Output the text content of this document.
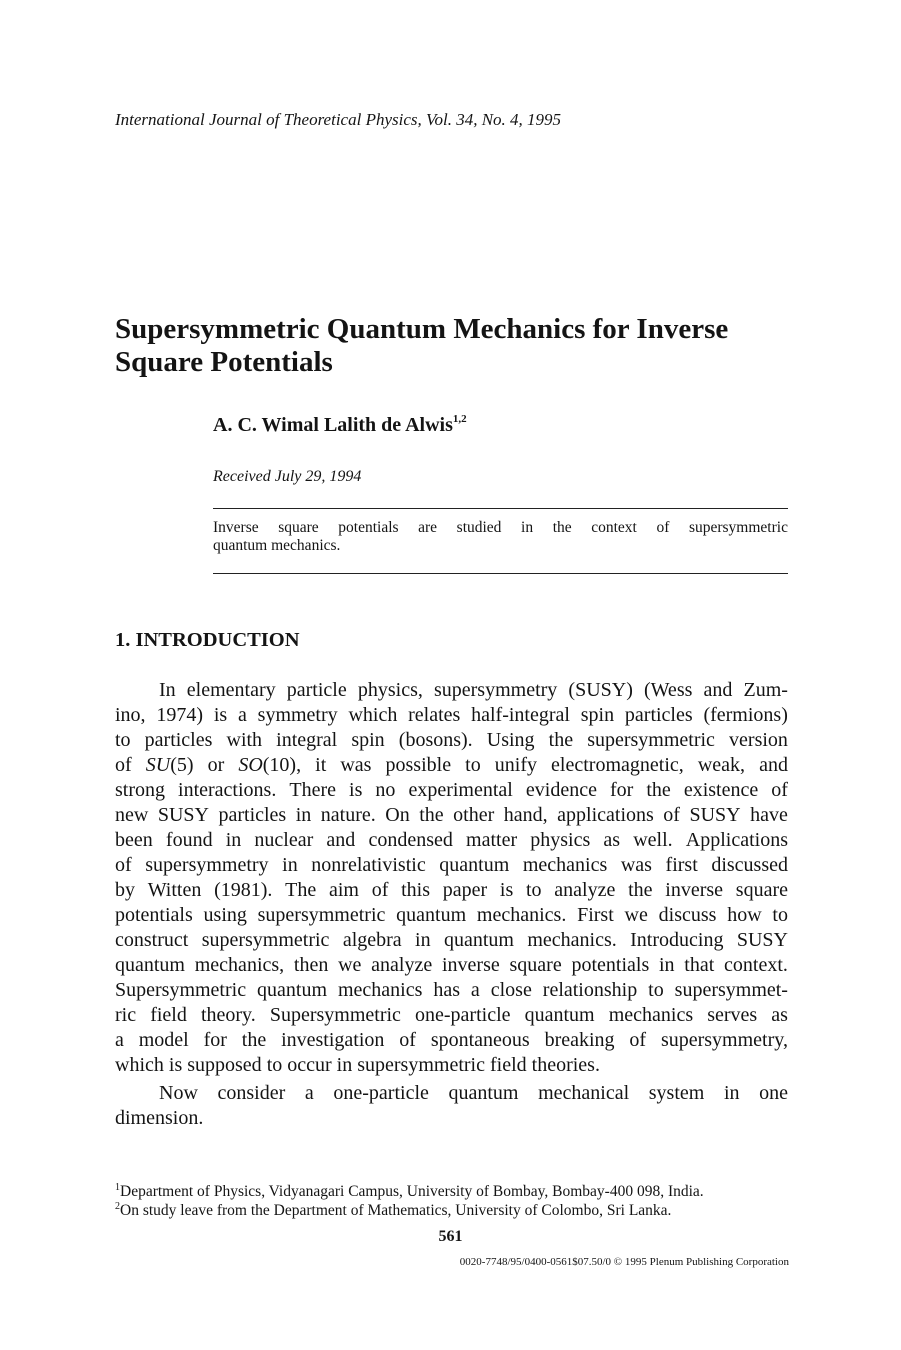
International Journal of Theoretical Physics, Vol. 34, No. 4, 1995
Supersymmetric Quantum Mechanics for Inverse
Square Potentials
A. C. Wimal Lalith de Alwis$^{1,2}$
Received July 29, 1994
Inverse square potentials are studied in the context of supersymmetric
quantum mechanics.
1. INTRODUCTION
In elementary particle physics, supersymmetry (SUSY) (Wess and Zum-
ino, 1974) is a symmetry which relates half-integral spin particles (fermions)
to particles with integral spin (bosons). Using the supersymmetric version
of SU(5) or SO(10), it was possible to unify electromagnetic, weak, and
strong interactions. There is no experimental evidence for the existence of
new SUSY particles in nature. On the other hand, applications of SUSY have
been found in nuclear and condensed matter physics as well. Applications
of supersymmetry in nonrelativistic quantum mechanics was first discussed
by Witten (1981). The aim of this paper is to analyze the inverse square
potentials using supersymmetric quantum mechanics. First we discuss how to
construct supersymmetric algebra in quantum mechanics. Introducing SUSY
quantum mechanics, then we analyze inverse square potentials in that context.
Supersymmetric quantum mechanics has a close relationship to supersymmet-
ric field theory. Supersymmetric one-particle quantum mechanics serves as
a model for the investigation of spontaneous breaking of supersymmetry,
which is supposed to occur in supersymmetric field theories.
Now consider a one-particle quantum mechanical system in one
dimension.
$^1$Department of Physics, Vidyanagari Campus, University of Bombay, Bombay-400 098, India.
$^2$On study leave from the Department of Mathematics, University of Colombo, Sri Lanka.
561
0020-7748/95/0400-0561$07.50/0 © 1995 Plenum Publishing Corporation
